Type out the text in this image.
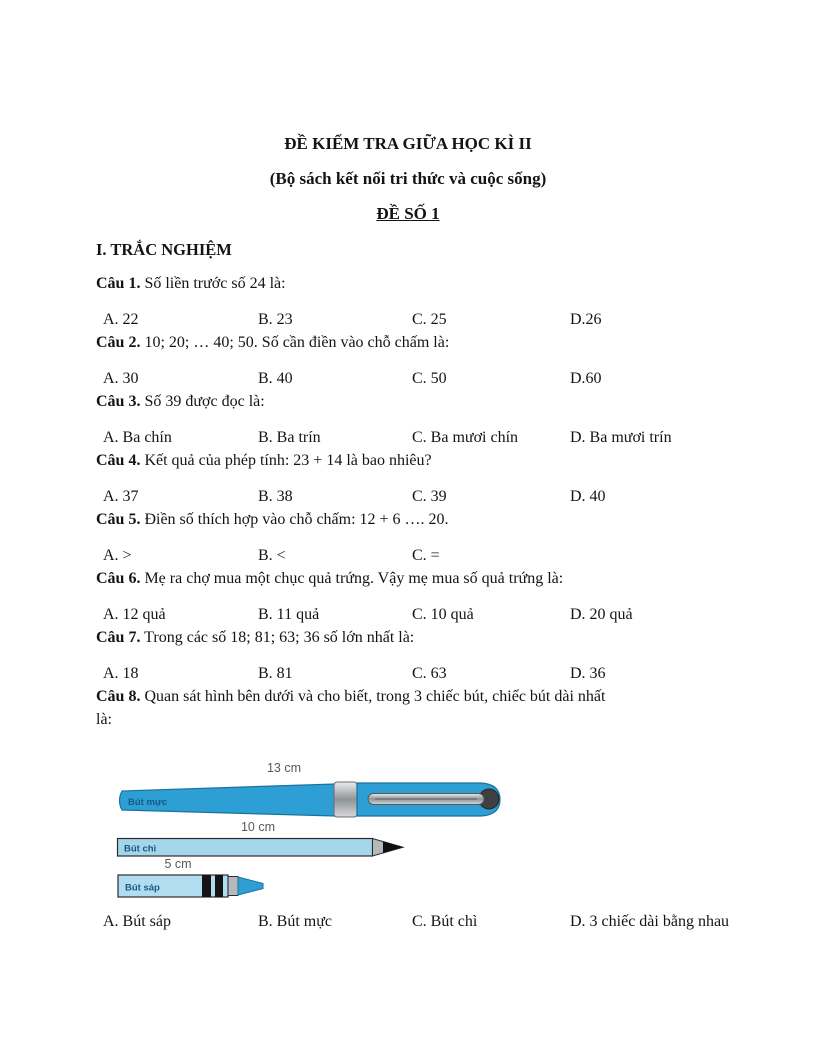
ĐỀ KIỂM TRA GIỮA HỌC KÌ II
(Bộ sách kết nối tri thức và cuộc sống)
ĐỀ SỐ 1
I. TRẮC NGHIỆM

Câu 1. Số liền trước số 24 là:

A. 22	B. 23	C. 25	D.26

Câu 2. 10; 20; … 40; 50. Số cần điền vào chỗ chấm là:

A. 30	B. 40	C. 50	D.60

Câu 3. Số 39 được đọc là:

A. Ba chín	B. Ba trín	C. Ba mươi chín	D. Ba mươi trín

Câu 4. Kết quả của phép tính: 23 + 14 là bao nhiêu?

A. 37	B. 38	C. 39	D. 40

Câu 5. Điền số thích hợp vào chỗ chấm: 12 + 6 …. 20.

A. >	B. <	C. =

Câu 6. Mẹ ra chợ mua một chục quả trứng. Vậy mẹ mua số quả trứng là:

A. 12 quả	B. 11 quả	C. 10 quả	D. 20 quả

Câu 7. Trong các số 18; 81; 63; 36 số lớn nhất là:

A. 18	B. 81	C. 63	D. 36

Câu 8. Quan sát hình bên dưới và cho biết, trong 3 chiếc bút, chiếc bút dài nhất
là:

13 cm
Bút mực
10 cm
Bút chì
5 cm
Bút sáp
A. Bút sáp	B. Bút mực	C. Bút chì	D. 3 chiếc dài bằng nhau
